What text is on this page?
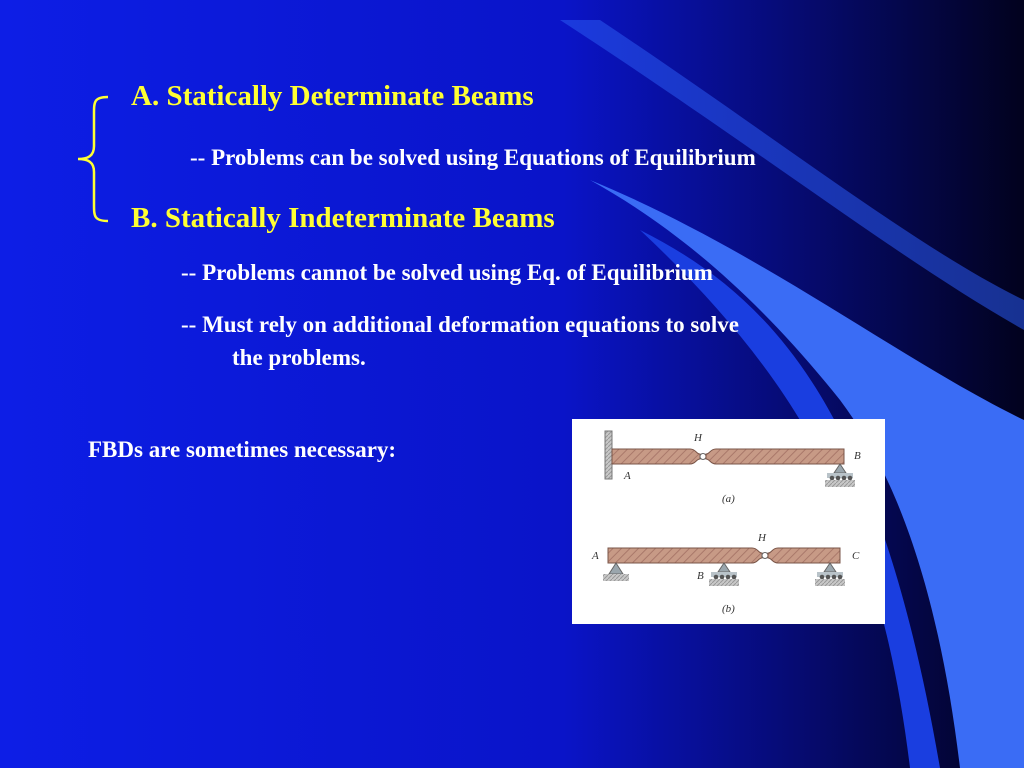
A. Statically Determinate Beams
-- Problems can be solved using Equations of Equilibrium
B. Statically Indeterminate Beams
-- Problems cannot be solved using Eq. of Equilibrium
-- Must rely on additional deformation equations to solve
the problems.
FBDs are sometimes necessary:	H
B
A
(a)
H
A
B
C
(b)
